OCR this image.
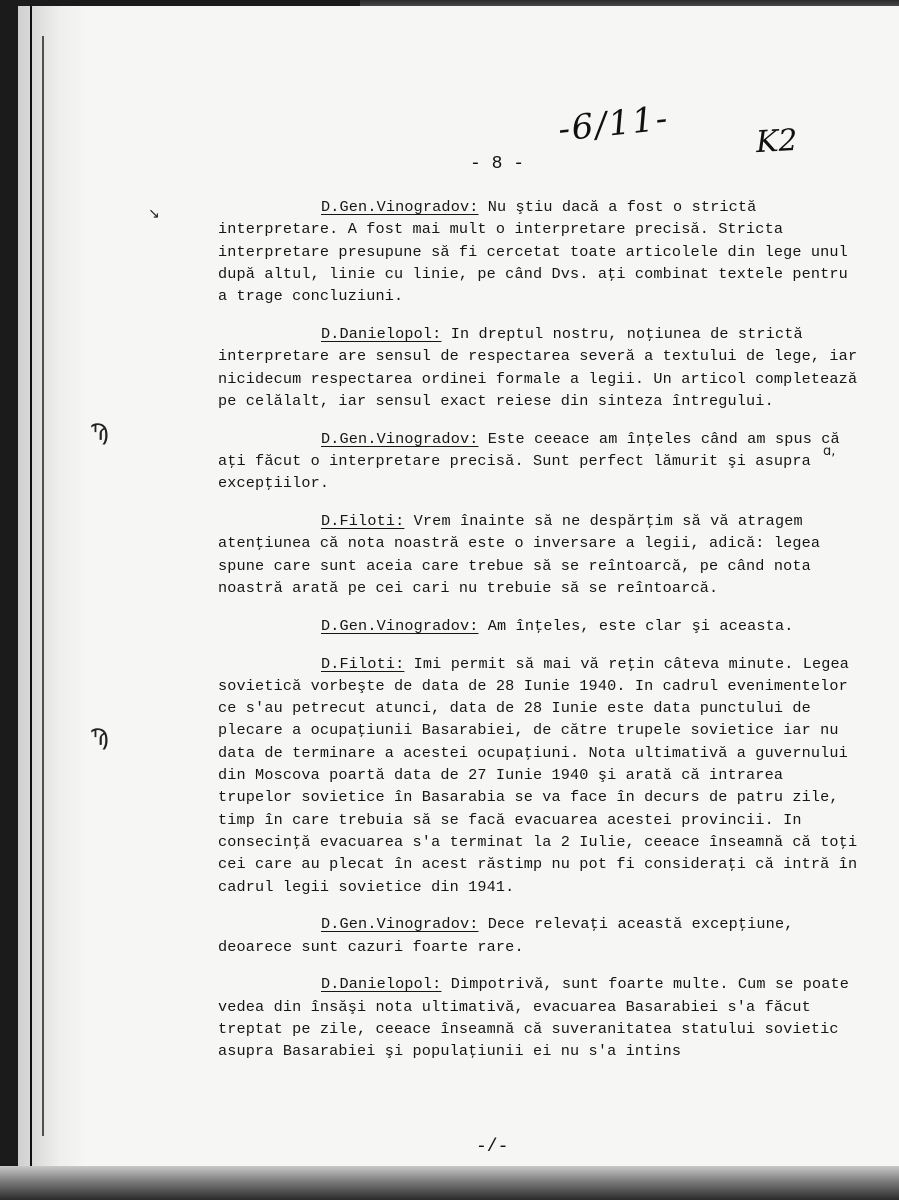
-6/11-	K2
- 8 -
↘
Ϡ
Ϡ
ɑ,

D.Gen.Vinogradov: Nu ştiu dacă a fost o strictă interpretare. A fost mai mult o interpretare precisă. Stricta interpretare presupune să fi cercetat toate articolele din lege unul după altul, linie cu linie, pe când Dvs. aţi combinat textele pentru a trage concluziuni.

D.Danielopol: In dreptul nostru, noţiunea de strictă interpretare are sensul de respectarea severă a textului de lege, iar nicidecum respectarea ordinei formale a legii. Un articol completează pe celălalt, iar sensul exact reiese din sinteza întregului.

D.Gen.Vinogradov: Este ceeace am înţeles când am spus că aţi făcut o interpretare precisă. Sunt perfect lămurit şi asupra excepţiilor.

D.Filoti: Vrem înainte să ne despărţim să vă atragem atenţiunea că nota noastră este o inversare a legii, adică: legea spune care sunt aceia care trebue să se reîntoarcă, pe când nota noastră arată pe cei cari nu trebuie să se reîntoarcă.

D.Gen.Vinogradov: Am înţeles, este clar şi aceasta.

D.Filoti: Imi permit să mai vă reţin câteva minute. Legea sovietică vorbeşte de data de 28 Iunie 1940. In cadrul evenimentelor ce s'au petrecut atunci, data de 28 Iunie este data punctului de plecare a ocupaţiunii Basarabiei, de către trupele sovietice iar nu data de terminare a acestei ocupaţiuni. Nota ultimativă a guvernului din Moscova poartă data de 27 Iunie 1940 şi arată că intrarea trupelor sovietice în Basarabia se va face în decurs de patru zile, timp în care trebuia să se facă evacuarea acestei provincii. In consecinţă evacuarea s'a terminat la 2 Iulie, ceeace înseamnă că toţi cei care au plecat în acest răstimp nu pot fi consideraţi că intră în cadrul legii sovietice din 1941.

D.Gen.Vinogradov: Dece relevaţi această excepţiune, deoarece sunt cazuri foarte rare.

D.Danielopol: Dimpotrivă, sunt foarte multe. Cum se poate vedea din însăşi nota ultimativă, evacuarea Basarabiei s'a făcut treptat pe zile, ceeace înseamnă că suveranitatea statului sovietic asupra Basarabiei şi populaţiunii ei nu s'a intins

-/-
